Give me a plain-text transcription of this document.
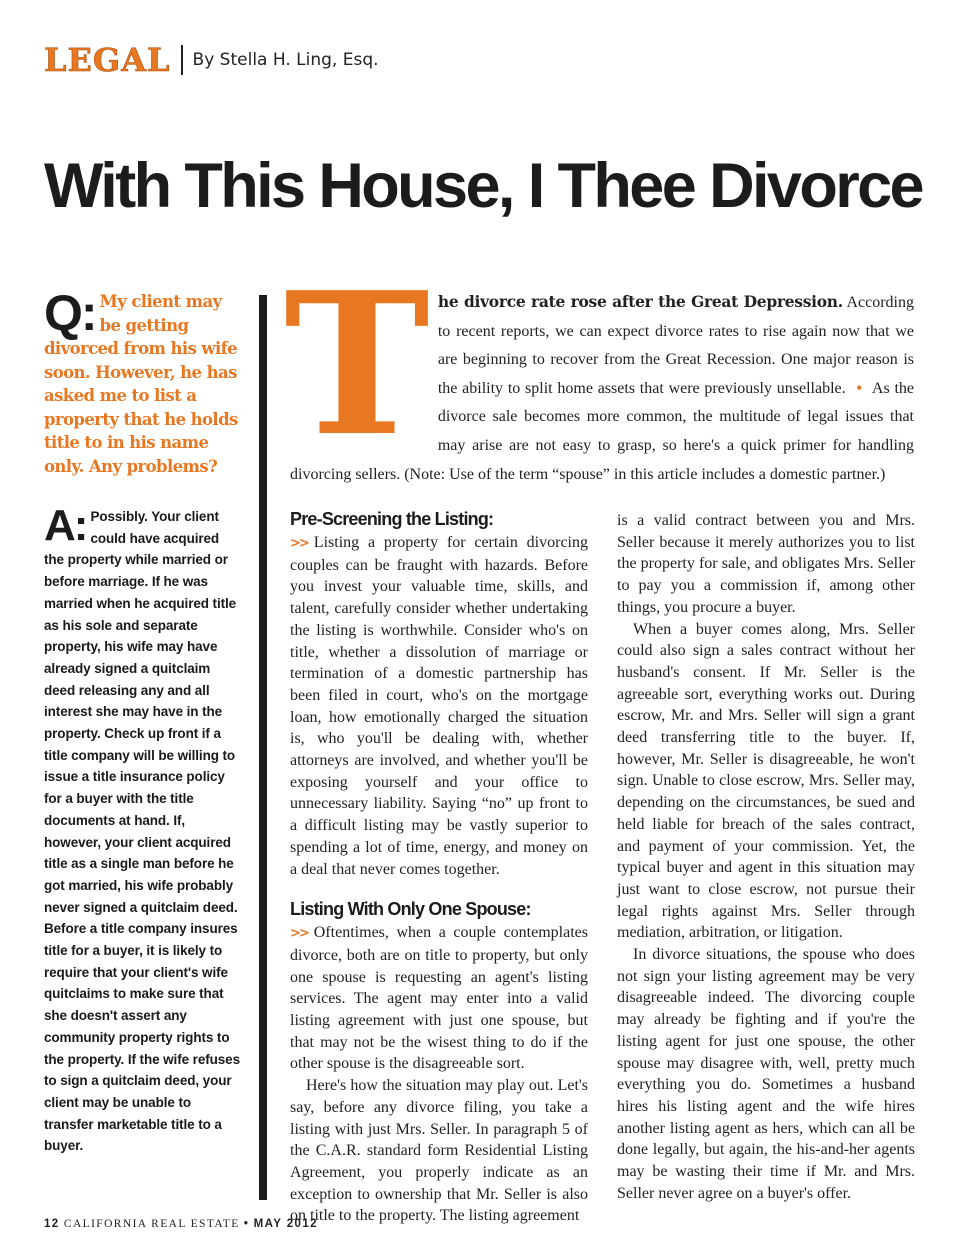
LEGAL By Stella H. Ling, Esq.
With This House, I Thee Divorce
Q: My client may be getting divorced from his wife soon. However, he has asked me to list a property that he holds title to in his name only. Any problems?
A: Possibly. Your client could have acquired the property while married or before marriage. If he was married when he acquired title as his sole and separate property, his wife may have already signed a quitclaim deed releasing any and all interest she may have in the property. Check up front if a title company will be willing to issue a title insurance policy for a buyer with the title documents at hand. If, however, your client acquired title as a single man before he got married, his wife probably never signed a quitclaim deed. Before a title company insures title for a buyer, it is likely to require that your client's wife quitclaims to make sure that she doesn't assert any community property rights to the property. If the wife refuses to sign a quitclaim deed, your client may be unable to transfer marketable title to a buyer.
T he divorce rate rose after the Great Depression. According to recent reports, we can expect divorce rates to rise again now that we are beginning to recover from the Great Recession. One major reason is the ability to split home assets that were previously unsellable. • As the divorce sale becomes more common, the multitude of legal issues that may arise are not easy to grasp, so here's a quick primer for handling divorcing sellers. (Note: Use of the term “spouse” in this article includes a domestic partner.)

Pre-Screening the Listing:

>> Listing a property for certain divorcing couples can be fraught with hazards. Before you invest your valuable time, skills, and talent, carefully consider whether undertaking the listing is worthwhile. Consider who's on title, whether a dissolution of marriage or termination of a domestic partnership has been filed in court, who's on the mortgage loan, how emotionally charged the situation is, who you'll be dealing with, whether attorneys are involved, and whether you'll be exposing yourself and your office to unnecessary liability. Saying “no” up front to a difficult listing may be vastly superior to spending a lot of time, energy, and money on a deal that never comes together.

Listing With Only One Spouse:

>> Oftentimes, when a couple contemplates divorce, both are on title to property, but only one spouse is requesting an agent's listing services. The agent may enter into a valid listing agreement with just one spouse, but that may not be the wisest thing to do if the other spouse is the disagreeable sort.

Here's how the situation may play out. Let's say, before any divorce filing, you take a listing with just Mrs. Seller. In paragraph 5 of the C.A.R. standard form Residential Listing Agreement, you properly indicate as an exception to ownership that Mr. Seller is also on title to the property. The listing agreement

is a valid contract between you and Mrs. Seller because it merely authorizes you to list the property for sale, and obligates Mrs. Seller to pay you a commission if, among other things, you procure a buyer.

When a buyer comes along, Mrs. Seller could also sign a sales contract without her husband's consent. If Mr. Seller is the agreeable sort, everything works out. During escrow, Mr. and Mrs. Seller will sign a grant deed transferring title to the buyer. If, however, Mr. Seller is disagreeable, he won't sign. Unable to close escrow, Mrs. Seller may, depending on the circumstances, be sued and held liable for breach of the sales contract, and payment of your commission. Yet, the typical buyer and agent in this situation may just want to close escrow, not pursue their legal rights against Mrs. Seller through mediation, arbitration, or litigation.

In divorce situations, the spouse who does not sign your listing agreement may be very disagreeable indeed. The divorcing couple may already be fighting and if you're the listing agent for just one spouse, the other spouse may disagree with, well, pretty much everything you do. Sometimes a husband hires his listing agent and the wife hires another listing agent as hers, which can all be done legally, but again, the his-and-her agents may be wasting their time if Mr. and Mrs. Seller never agree on a buyer's offer.

12 CALIFORNIA REAL ESTATE • MAY 2012
